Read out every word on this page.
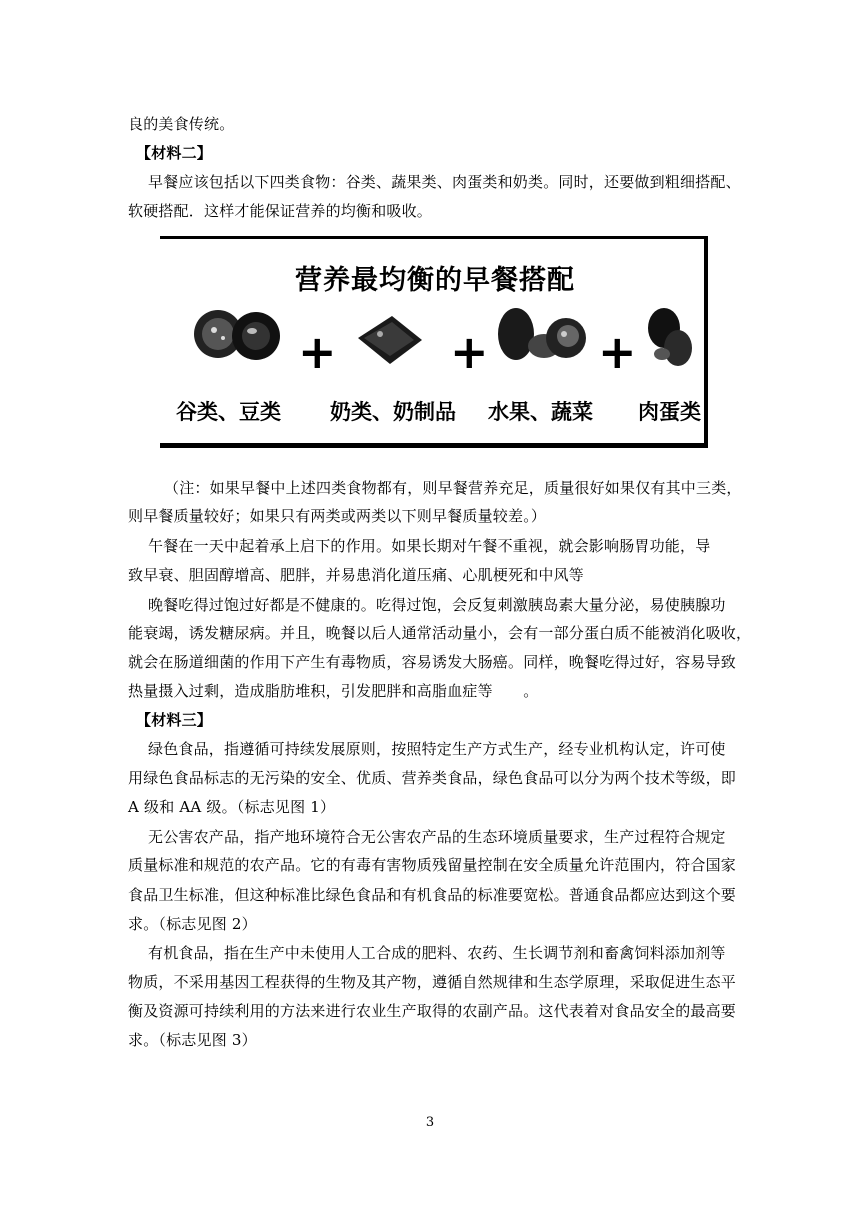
良的美食传统。
【材料二】
早餐应该包括以下四类食物：谷类、蔬果类、肉蛋类和奶类。同时，还要做到粗细搭配、
软硬搭配．这样才能保证营养的均衡和吸收。
营养最均衡的早餐搭配
+ + +
谷类、豆类 奶类、奶制品 水果、蔬菜 肉蛋类
（注：如果早餐中上述四类食物都有，则早餐营养充足，质量很好如果仅有其中三类，
则早餐质量较好；如果只有两类或两类以下则早餐质量较差。）
午餐在一天中起着承上启下的作用。如果长期对午餐不重视，就会影响肠胃功能，导
致早衰、胆固醇增高、肥胖，并易患消化道压痛、心肌梗死和中风等
晚餐吃得过饱过好都是不健康的。吃得过饱，会反复刺激胰岛素大量分泌，易使胰腺功
能衰竭，诱发糖尿病。并且，晚餐以后人通常活动量小，会有一部分蛋白质不能被消化吸收，
就会在肠道细菌的作用下产生有毒物质，容易诱发大肠癌。同样，晚餐吃得过好，容易导致
热量摄入过剩，造成脂肪堆积，引发肥胖和高脂血症等　　。
【材料三】
绿色食品，指遵循可持续发展原则，按照特定生产方式生产，经专业机构认定，许可使
用绿色食品标志的无污染的安全、优质、营养类食品，绿色食品可以分为两个技术等级，即
A 级和 AA 级。（标志见图 1）
无公害农产品，指产地环境符合无公害农产品的生态环境质量要求，生产过程符合规定
质量标准和规范的农产品。它的有毒有害物质残留量控制在安全质量允许范围内，符合国家
食品卫生标准，但这种标准比绿色食品和有机食品的标准要宽松。普通食品都应达到这个要
求。（标志见图 2）
有机食品，指在生产中未使用人工合成的肥料、农药、生长调节剂和畜禽饲料添加剂等
物质，不采用基因工程获得的生物及其产物，遵循自然规律和生态学原理，采取促进生态平
衡及资源可持续利用的方法来进行农业生产取得的农副产品。这代表着对食品安全的最高要
求。（标志见图 3）
3
